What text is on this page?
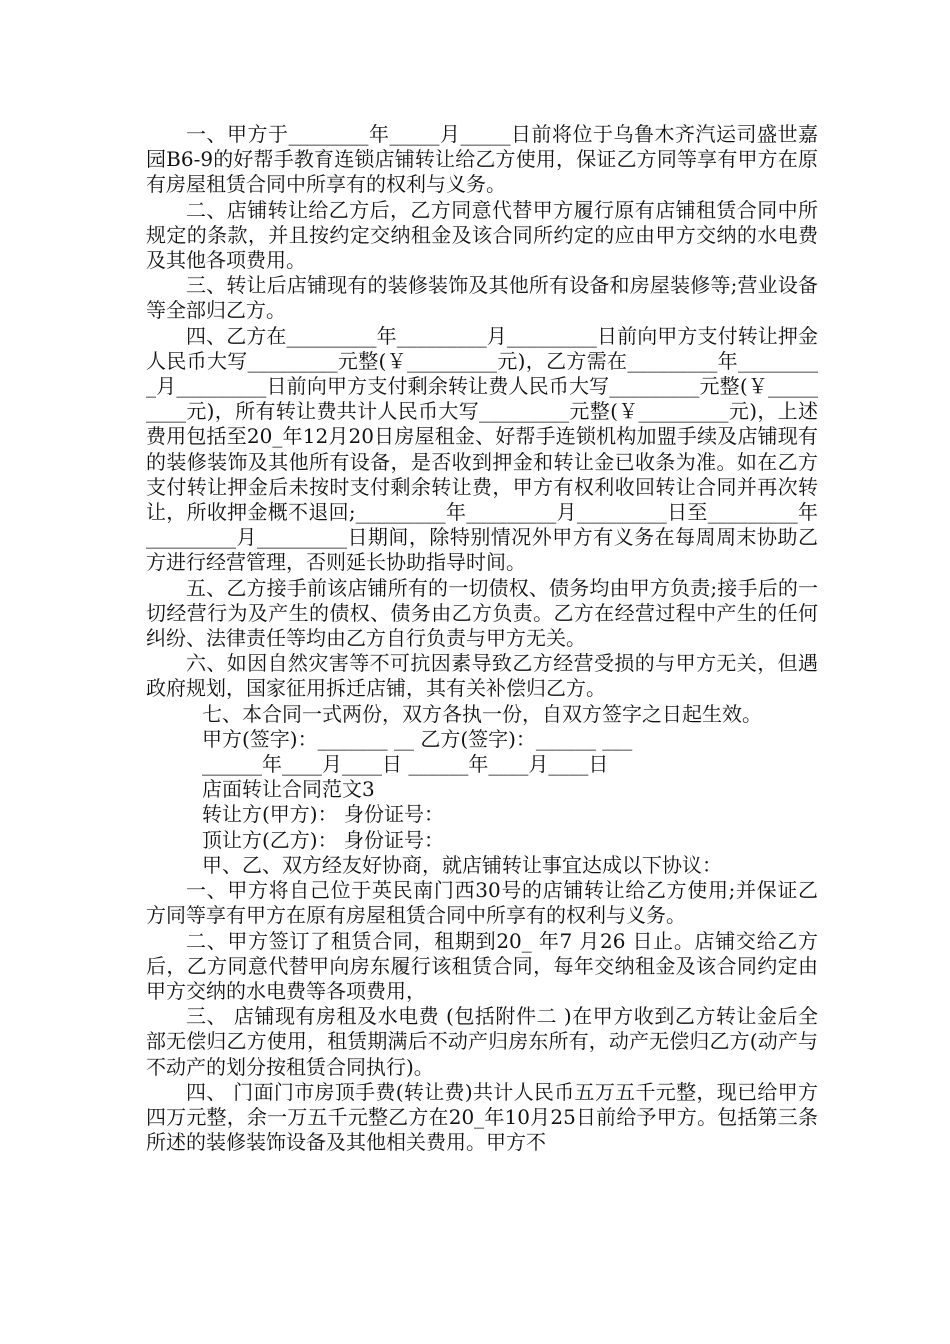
一、甲方于________年_____月_____日前将位于乌鲁木齐汽运司盛世嘉园B6-9的好帮手教育连锁店铺转让给乙方使用，保证乙方同等享有甲方在原有房屋租赁合同中所享有的权利与义务。

二、店铺转让给乙方后，乙方同意代替甲方履行原有店铺租赁合同中所规定的条款，并且按约定交纳租金及该合同所约定的应由甲方交纳的水电费及其他各项费用。

三、转让后店铺现有的装修装饰及其他所有设备和房屋装修等;营业设备等全部归乙方。

四、乙方在_________年_________月_________日前向甲方支付转让押金人民币大写_________元整(￥_________元)，乙方需在_________年_________月_________日前向甲方支付剩余转让费人民币大写_________元整(￥_________元)，所有转让费共计人民币大写_________元整(￥_________元)，上述费用包括至20_年12月20日房屋租金、好帮手连锁机构加盟手续及店铺现有的装修装饰及其他所有设备，是否收到押金和转让金已收条为准。如在乙方支付转让押金后未按时支付剩余转让费，甲方有权利收回转让合同并再次转让，所收押金概不退回;_________年_________月_________日至_________年_________月_________日期间，除特别情况外甲方有义务在每周周末协助乙方进行经营管理，否则延长协助指导时间。

五、乙方接手前该店铺所有的一切债权、债务均由甲方负责;接手后的一切经营行为及产生的债权、债务由乙方负责。乙方在经营过程中产生的任何纠纷、法律责任等均由乙方自行负责与甲方无关。

六、如因自然灾害等不可抗因素导致乙方经营受损的与甲方无关，但遇政府规划，国家征用拆迁店铺，其有关补偿归乙方。

七、本合同一式两份，双方各执一份，自双方签字之日起生效。

甲方(签字)：_______ __ 乙方(签字)：______ ___

______年____月____日 ______年____月____日

店面转让合同范文3

转让方(甲方)： 身份证号：

顶让方(乙方)： 身份证号：

甲、乙、双方经友好协商，就店铺转让事宜达成以下协议：

一、甲方将自己位于英民南门西30号的店铺转让给乙方使用;并保证乙方同等享有甲方在原有房屋租赁合同中所享有的权利与义务。

二、甲方签订了租赁合同，租期到20_ 年7 月26 日止。店铺交给乙方后，乙方同意代替甲向房东履行该租赁合同，每年交纳租金及该合同约定由甲方交纳的水电费等各项费用，

三、 店铺现有房租及水电费 (包括附件二 )在甲方收到乙方转让金后全部无偿归乙方使用，租赁期满后不动产归房东所有，动产无偿归乙方(动产与不动产的划分按租赁合同执行)。

四、 门面门市房顶手费(转让费)共计人民币五万五千元整，现已给甲方四万元整，余一万五千元整乙方在20_年10月25日前给予甲方。包括第三条所述的装修装饰设备及其他相关费用。甲方不
